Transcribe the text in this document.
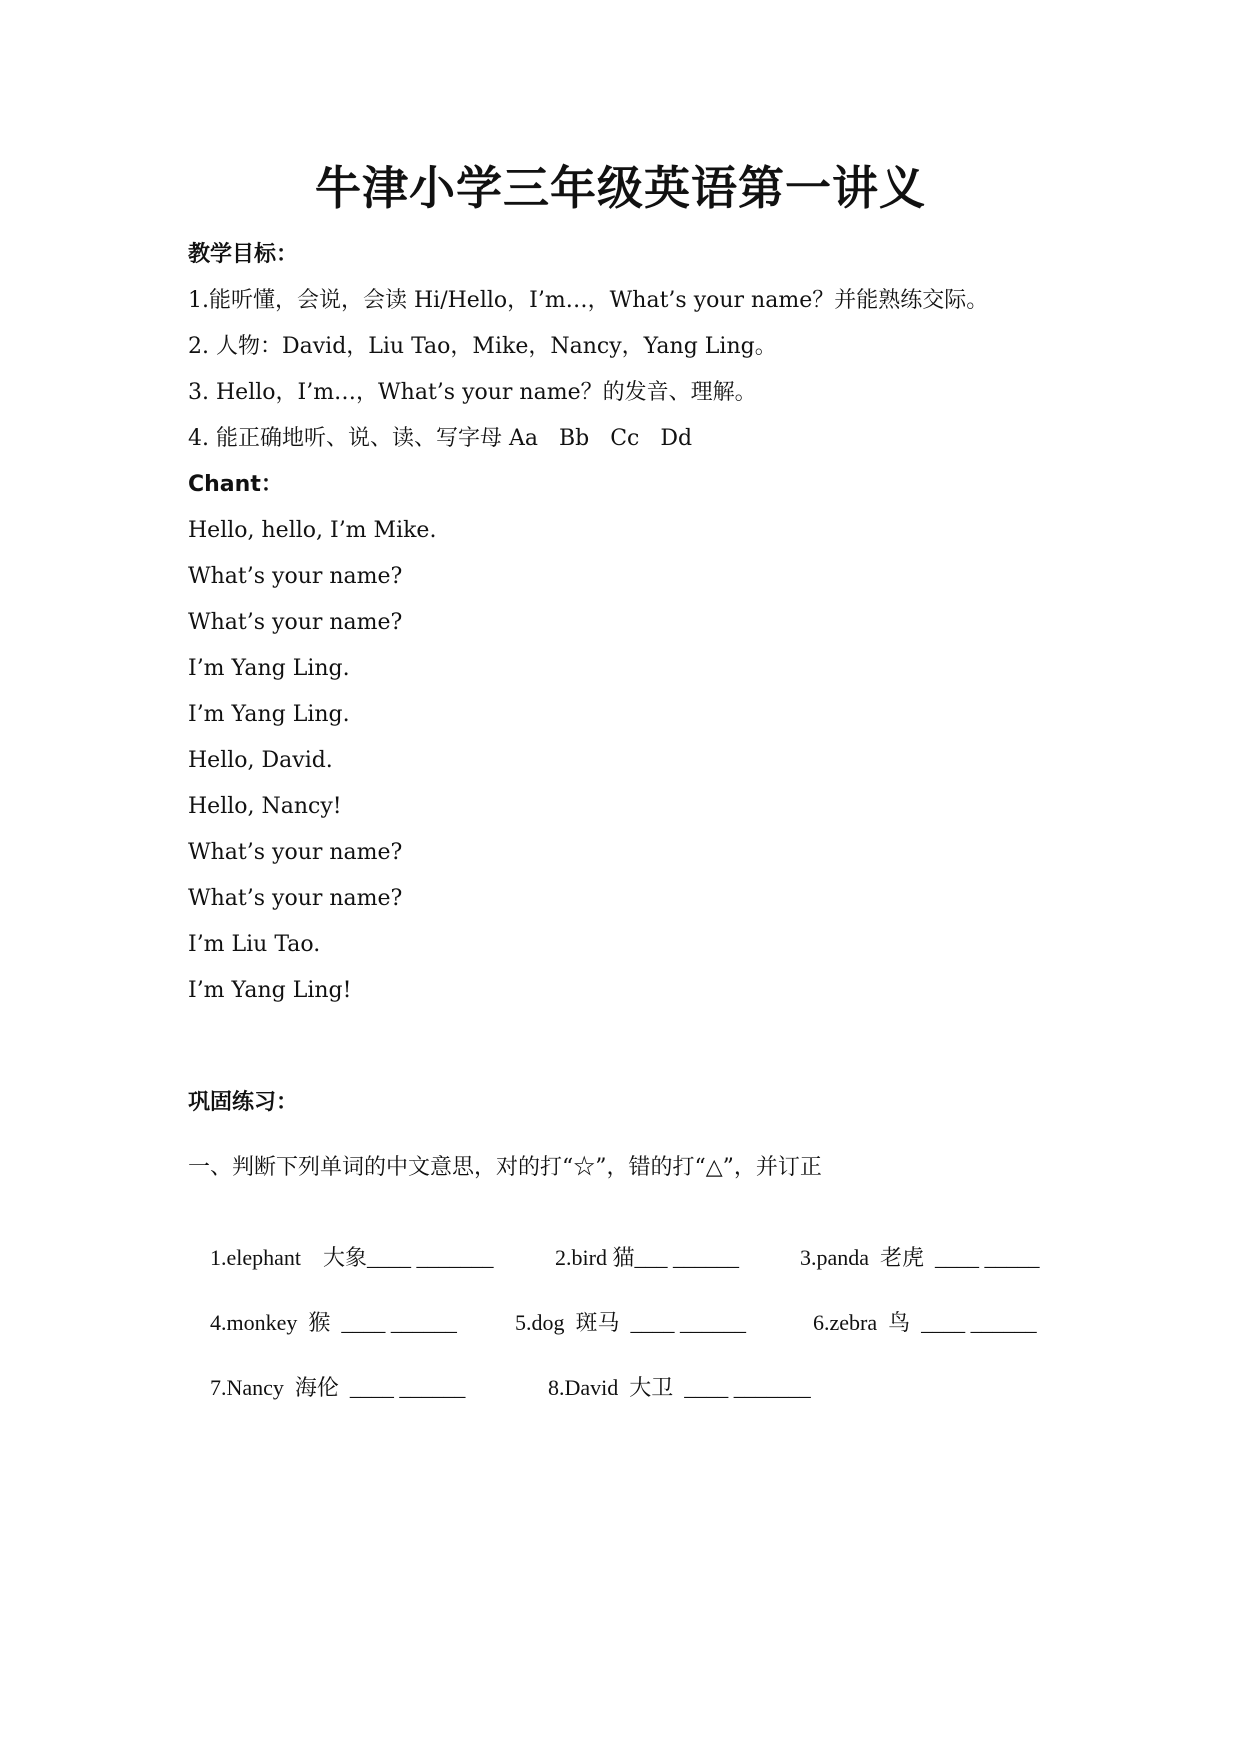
牛津小学三年级英语第一讲义
教学目标：
1.能听懂，会说，会读 Hi/Hello，I’m…，What’s your name？并能熟练交际。
2. 人物：David，Liu Tao，Mike，Nancy，Yang Ling。
3. Hello，I’m…，What’s your name？的发音、理解。
4. 能正确地听、说、读、写字母 Aa   Bb   Cc   Dd
Chant：
Hello, hello, I’m Mike.
What’s your name?
What’s your name?
I’m Yang Ling.
I’m Yang Ling.
Hello, David.
Hello, Nancy!
What’s your name?
What’s your name?
I’m Liu Tao.
I’m Yang Ling!
巩固练习：
一、判断下列单词的中文意思，对的打“☆”，错的打“△”，并订正

1.elephant    大象____ _______	2.bird 猫___ ______	3.panda  老虎  ____ _____

4.monkey  猴  ____ ______	5.dog  斑马  ____ ______	6.zebra  鸟  ____ ______

7.Nancy  海伦  ____ ______	8.David  大卫  ____ _______
